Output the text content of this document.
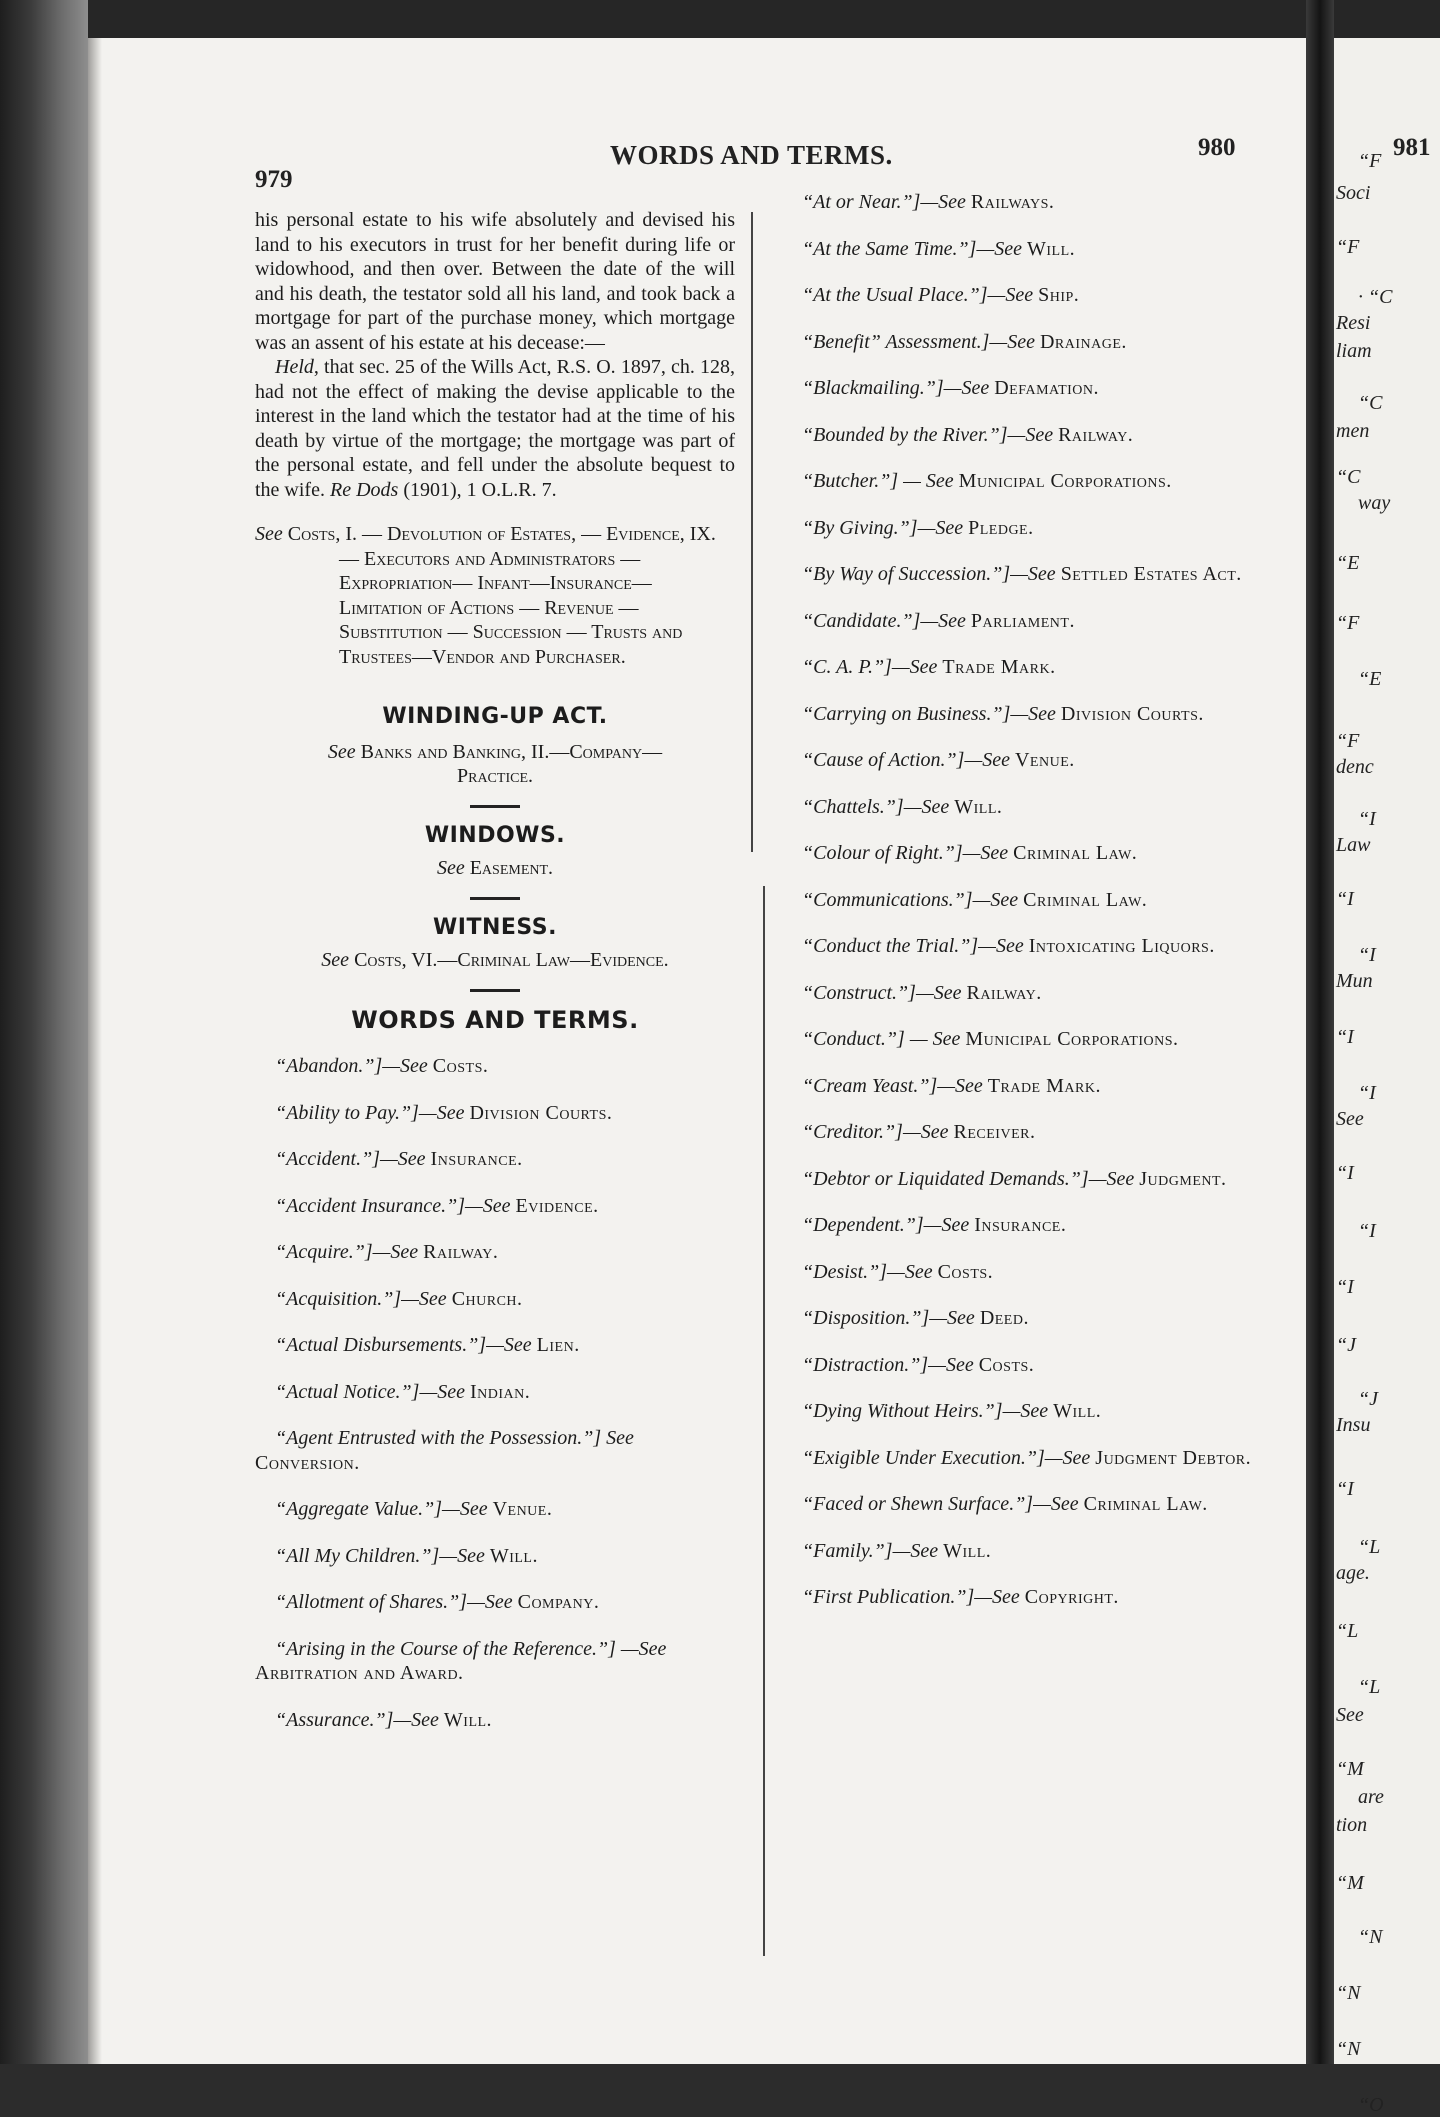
“F
Soci
“F
· “C
Resi
liam
“C
men
“C
way
“E
“F
“E
“F
denc
“I
Law
“I
“I
Mun
“I
“I
See
“I
“I
“I
“J
“J
Insu
“I
“L
age.
“L
“L
See
“M
are
tion
“M
“N
“N
“N
“O
979
WORDS AND TERMS.	980	981
his personal estate to his wife absolutely and devised his land to his executors in trust for her benefit during life or widowhood, and then over. Between the date of the will and his death, the testator sold all his land, and took back a mortgage for part of the purchase money, which mortgage was an assent of his estate at his decease:—
Held, that sec. 25 of the Wills Act, R.S. O. 1897, ch. 128, had not the effect of making the devise applicable to the interest in the land which the testator had at the time of his death by virtue of the mortgage; the mortgage was part of the personal estate, and fell under the absolute bequest to the wife. Re Dods (1901), 1 O.L.R. 7.
See Costs, I. — Devolution of Estates, — Evidence, IX. — Executors and Administrators — Expropriation— Infant—Insurance—Limitation of Actions — Revenue — Substitution — Succession — Trusts and Trustees—Vendor and Purchaser.
WINDING-UP ACT.
See Banks and Banking, II.—Company— Practice.
WINDOWS.
See Easement.
WITNESS.
See Costs, VI.—Criminal Law—Evidence.
WORDS AND TERMS.
“Abandon.”]—See Costs.
“Ability to Pay.”]—See Division Courts.
“Accident.”]—See Insurance.
“Accident Insurance.”]—See Evidence.
“Acquire.”]—See Railway.
“Acquisition.”]—See Church.
“Actual Disbursements.”]—See Lien.
“Actual Notice.”]—See Indian.
“Agent Entrusted with the Possession.”] See Conversion.
“Aggregate Value.”]—See Venue.
“All My Children.”]—See Will.
“Allotment of Shares.”]—See Company.
“Arising in the Course of the Reference.”] —See Arbitration and Award.
“Assurance.”]—See Will.
“At or Near.”]—See Railways.
“At the Same Time.”]—See Will.
“At the Usual Place.”]—See Ship.
“Benefit” Assessment.]—See Drainage.
“Blackmailing.”]—See Defamation.
“Bounded by the River.”]—See Railway.
“Butcher.”] — See Municipal Corporations.
“By Giving.”]—See Pledge.
“By Way of Succession.”]—See Settled Estates Act.
“Candidate.”]—See Parliament.
“C. A. P.”]—See Trade Mark.
“Carrying on Business.”]—See Division Courts.
“Cause of Action.”]—See Venue.
“Chattels.”]—See Will.
“Colour of Right.”]—See Criminal Law.
“Communications.”]—See Criminal Law.
“Conduct the Trial.”]—See Intoxicating Liquors.
“Construct.”]—See Railway.
“Conduct.”] — See Municipal Corporations.
“Cream Yeast.”]—See Trade Mark.
“Creditor.”]—See Receiver.
“Debtor or Liquidated Demands.”]—See Judgment.
“Dependent.”]—See Insurance.
“Desist.”]—See Costs.
“Disposition.”]—See Deed.
“Distraction.”]—See Costs.
“Dying Without Heirs.”]—See Will.
“Exigible Under Execution.”]—See Judgment Debtor.
“Faced or Shewn Surface.”]—See Criminal Law.
“Family.”]—See Will.
“First Publication.”]—See Copyright.
